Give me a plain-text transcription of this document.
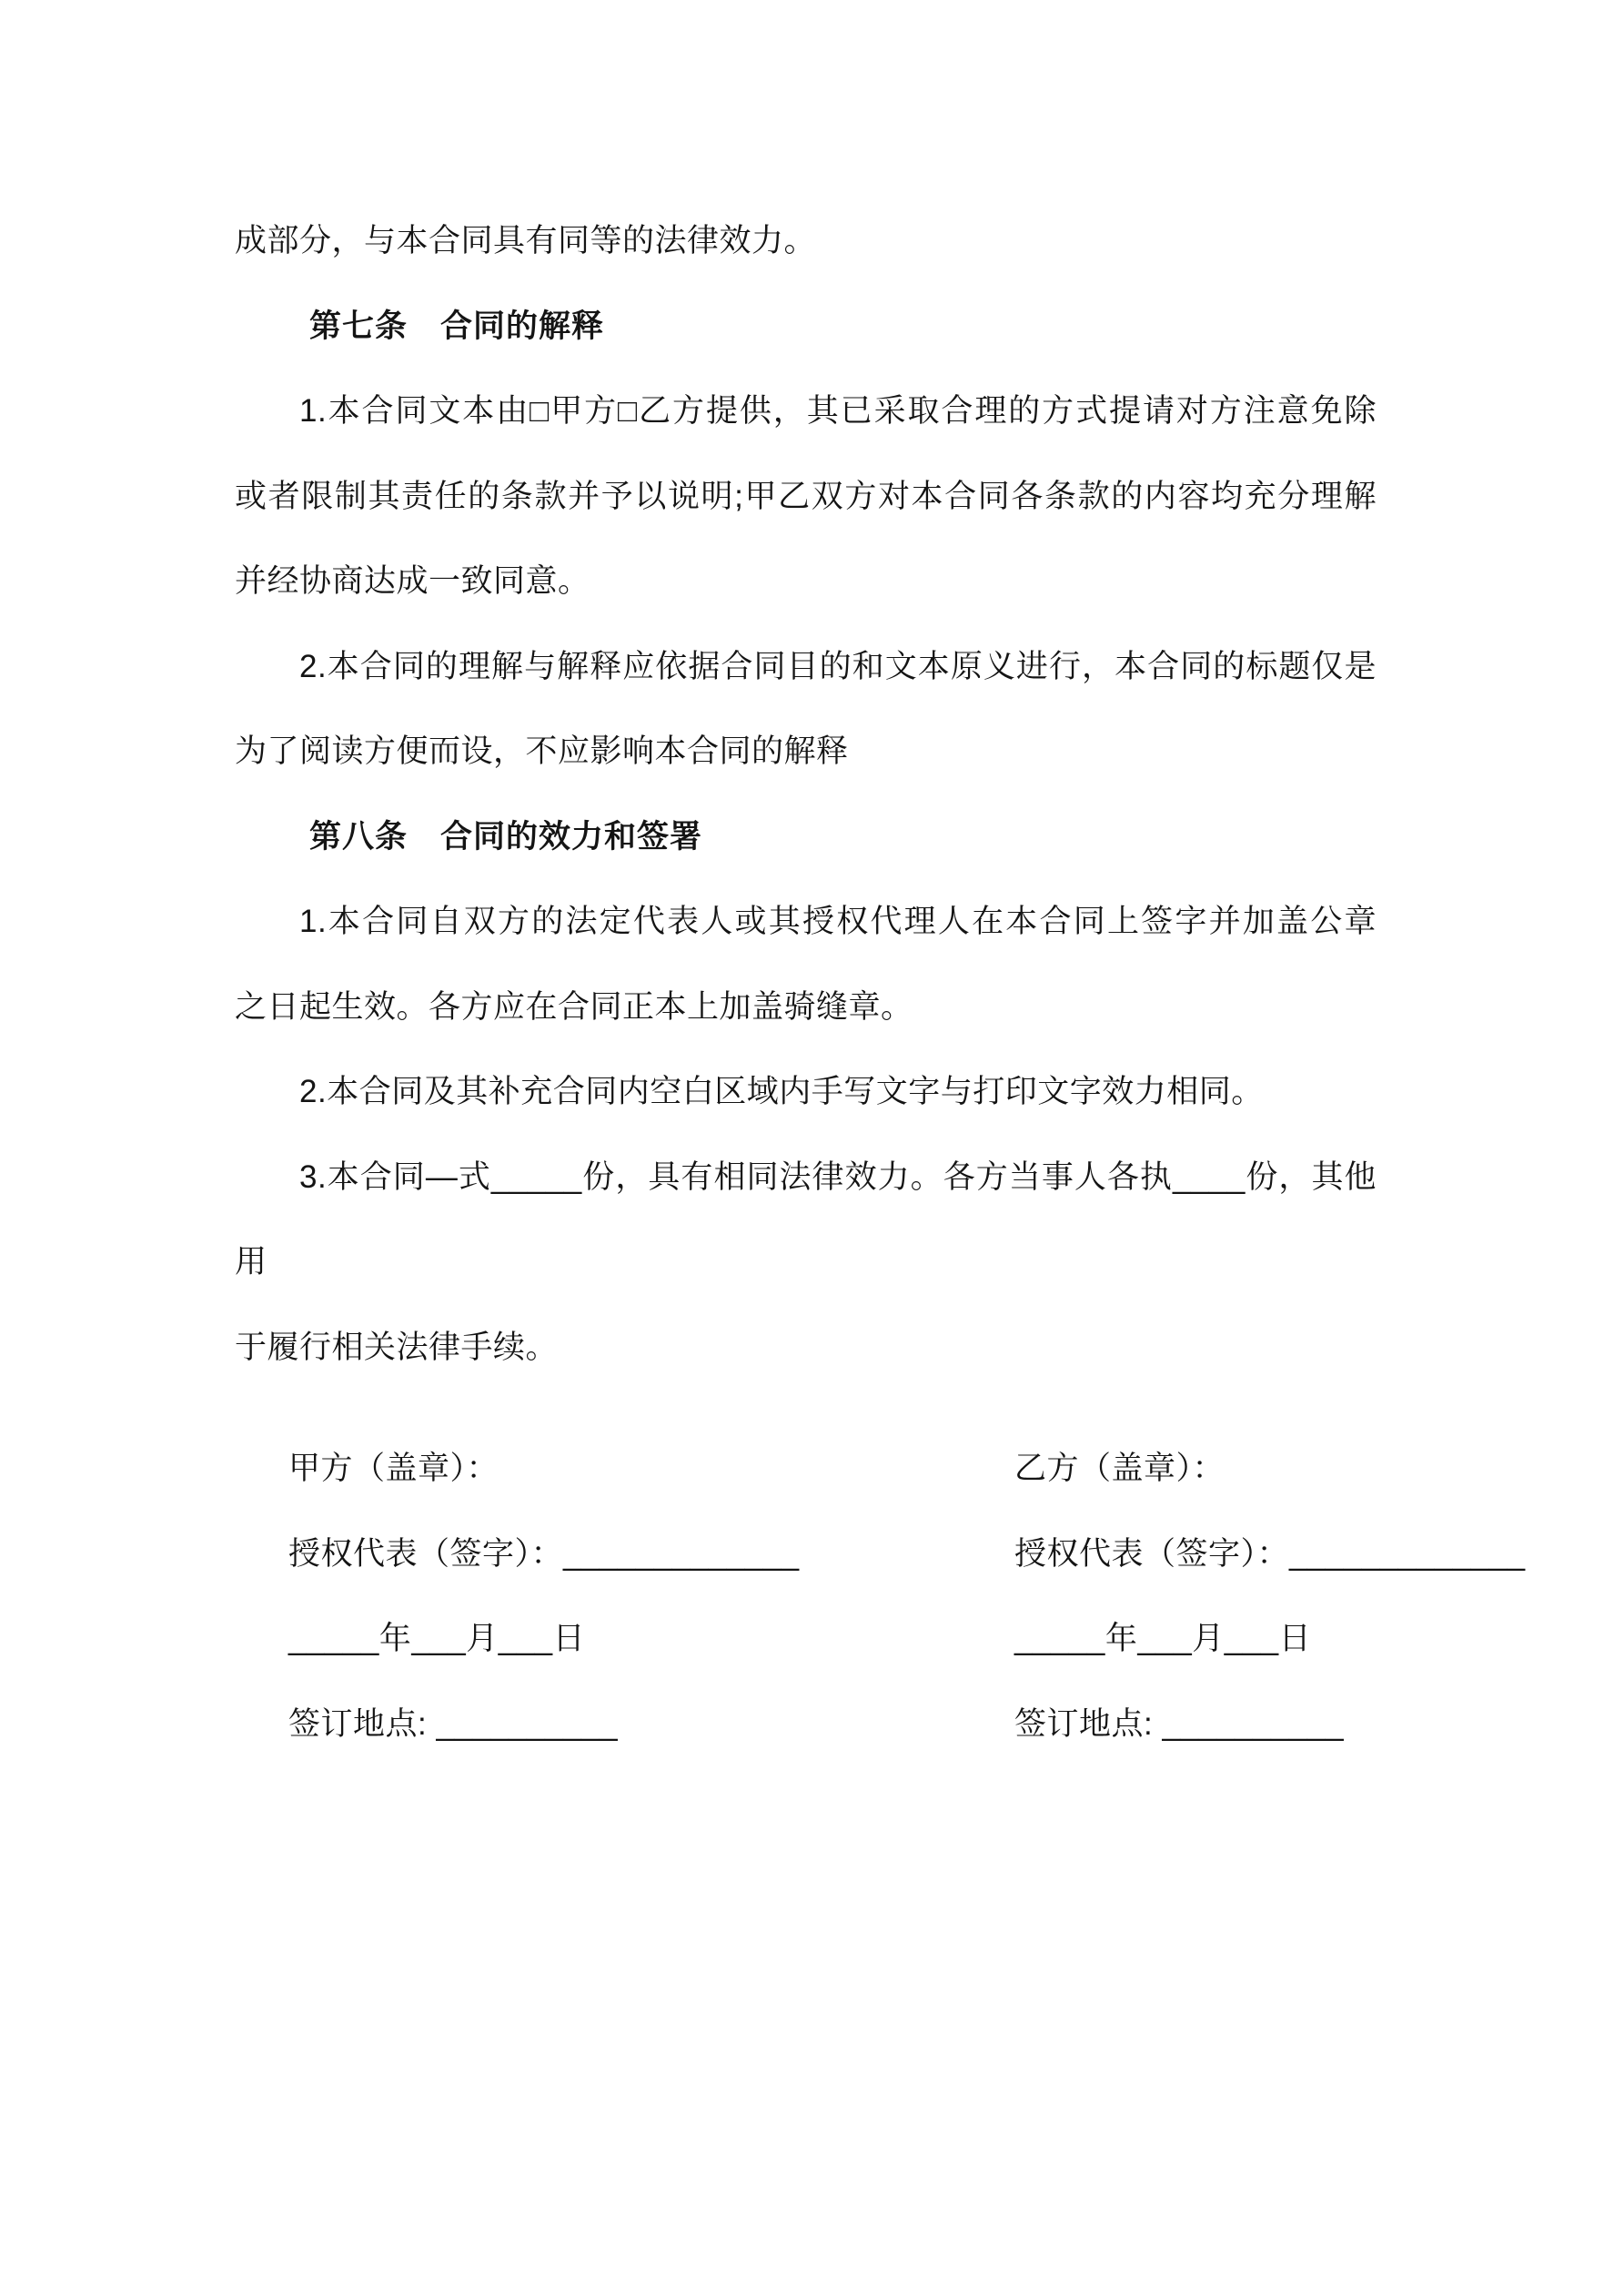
成部分，与本合同具有同等的法律效力。
第七条　合同的解释
1.本合同文本由□甲方□乙方提供，其已采取合理的方式提请对方注意免除
或者限制其责任的条款并予以说明;甲乙双方对本合同各条款的内容均充分理解
并经协商达成一致同意。
2.本合同的理解与解释应依据合同目的和文本原义进行，本合同的标题仅是
为了阅读方便而设，不应影响本合同的解释
第八条　合同的效力和签署
1.本合同自双方的法定代表人或其授权代理人在本合同上签字并加盖公章
之日起生效。各方应在合同正本上加盖骑缝章。
2.本合同及其补充合同内空白区域内手写文字与打印文字效力相同。
3.本合同—式_____份，具有相同法律效力。各方当事人各执____份，其他用
于履行相关法律手续。
甲方（盖章）：
授权代表（签字）：_____________
_____年___月___日
签订地点: __________
乙方（盖章）：
授权代表（签字）：_____________
_____年___月___日
签订地点: __________
